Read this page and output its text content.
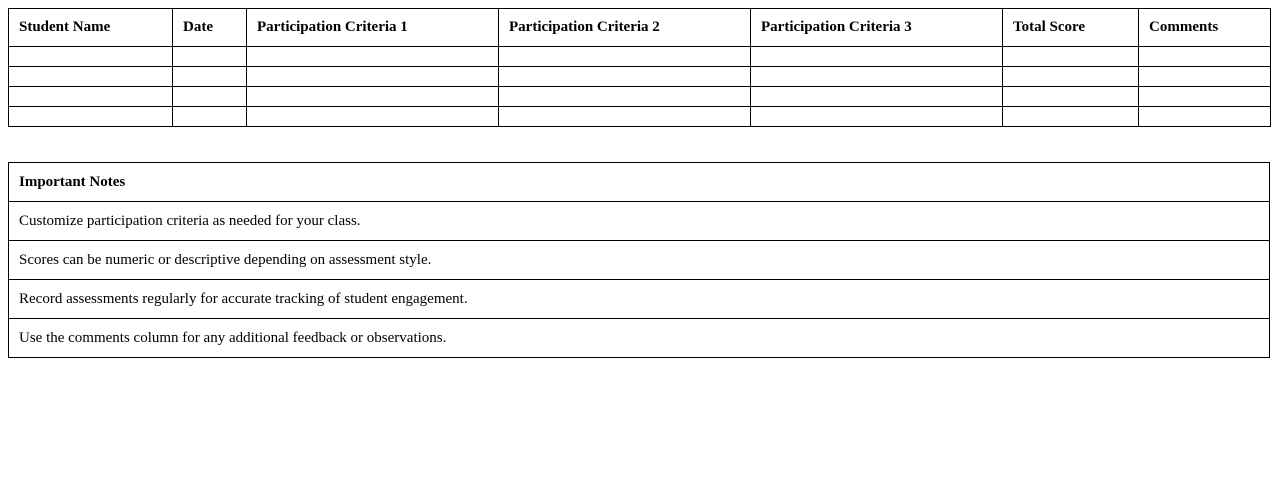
Student Name	Date	Participation Criteria 1	Participation Criteria 2	Participation Criteria 3	Total Score	Comments

Important Notes
Customize participation criteria as needed for your class.
Scores can be numeric or descriptive depending on assessment style.
Record assessments regularly for accurate tracking of student engagement.
Use the comments column for any additional feedback or observations.
